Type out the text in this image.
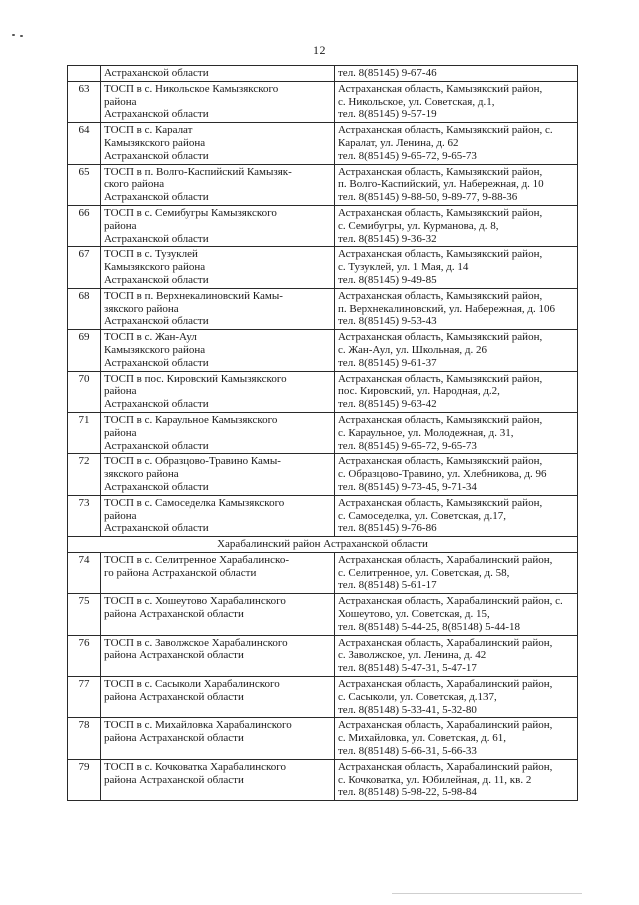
12

	Астраханской области	тел. 8(85145) 9-67-46

63	ТОСП в с. Никольское Камызякского
района
Астраханской области	Астраханская область, Камызякский район,
с. Никольское, ул. Советская, д.1,
тел. 8(85145) 9-57-19

64	ТОСП в с. Каралат
Камызякского района
Астраханской области	Астраханская область, Камызякский район, с.
Каралат, ул. Ленина, д. 62
тел. 8(85145) 9-65-72, 9-65-73

65	ТОСП в п. Волго-Каспийский Камызяк-
ского района
Астраханской области	Астраханская область, Камызякский район,
п. Волго-Каспийский, ул. Набережная, д. 10
тел. 8(85145) 9-88-50, 9-89-77, 9-88-36

66	ТОСП в с. Семибугры Камызякского
района
Астраханской области	Астраханская область, Камызякский район,
с. Семибугры, ул. Курманова, д. 8,
тел. 8(85145) 9-36-32

67	ТОСП в с. Тузуклей
Камызякского района
Астраханской области	Астраханская область, Камызякский район,
с. Тузуклей, ул. 1 Мая, д. 14
тел. 8(85145) 9-49-85

68	ТОСП в п. Верхнекалиновский Камы-
зякского района
Астраханской области	Астраханская область, Камызякский район,
п. Верхнекалиновский, ул. Набережная, д. 106
тел. 8(85145) 9-53-43

69	ТОСП в с. Жан-Аул
Камызякского района
Астраханской области	Астраханская область, Камызякский район,
с. Жан-Аул, ул. Школьная, д. 26
тел. 8(85145) 9-61-37

70	ТОСП в пос. Кировский Камызякского
района
Астраханской области	Астраханская область, Камызякский район,
пос. Кировский, ул. Народная, д.2,
тел. 8(85145) 9-63-42

71	ТОСП в с. Караульное Камызякского
района
Астраханской области	Астраханская область, Камызякский район,
с. Караульное, ул. Молодежная, д. 31,
тел. 8(85145) 9-65-72, 9-65-73

72	ТОСП в с. Образцово-Травино Камы-
зякского района
Астраханской области	Астраханская область, Камызякский район,
с. Образцово-Травино, ул. Хлебникова, д. 96
тел. 8(85145) 9-73-45, 9-71-34

73	ТОСП в с. Самоседелка Камызякского
района
Астраханской области	Астраханская область, Камызякский район,
с. Самоседелка, ул. Советская, д.17,
тел. 8(85145) 9-76-86

Харабалинский район Астраханской области		
74	ТОСП в с. Селитренное Харабалинско-
го района Астраханской области	Астраханская область, Харабалинский район,
с. Селитренное, ул. Советская, д. 58,
тел. 8(85148) 5-61-17

75	ТОСП в с. Хошеутово Харабалинского
района Астраханской области	Астраханская область, Харабалинский район, с.
Хошеутово, ул. Советская, д. 15,
тел. 8(85148) 5-44-25, 8(85148) 5-44-18

76	ТОСП в с. Заволжское Харабалинского
района Астраханской области	Астраханская область, Харабалинский район,
с. Заволжское, ул. Ленина, д. 42
тел. 8(85148) 5-47-31, 5-47-17

77	ТОСП в с. Сасыколи Харабалинского
района Астраханской области	Астраханская область, Харабалинский район,
с. Сасыколи, ул. Советская, д.137,
тел. 8(85148) 5-33-41, 5-32-80

78	ТОСП в с. Михайловка Харабалинского
района Астраханской области	Астраханская область, Харабалинский район,
с. Михайловка, ул. Советская, д. 61,
тел. 8(85148) 5-66-31, 5-66-33

79	ТОСП в с. Кочковатка Харабалинского
района Астраханской области	Астраханская область, Харабалинский район,
с. Кочковатка, ул. Юбилейная, д. 11, кв. 2
тел. 8(85148) 5-98-22, 5-98-84
